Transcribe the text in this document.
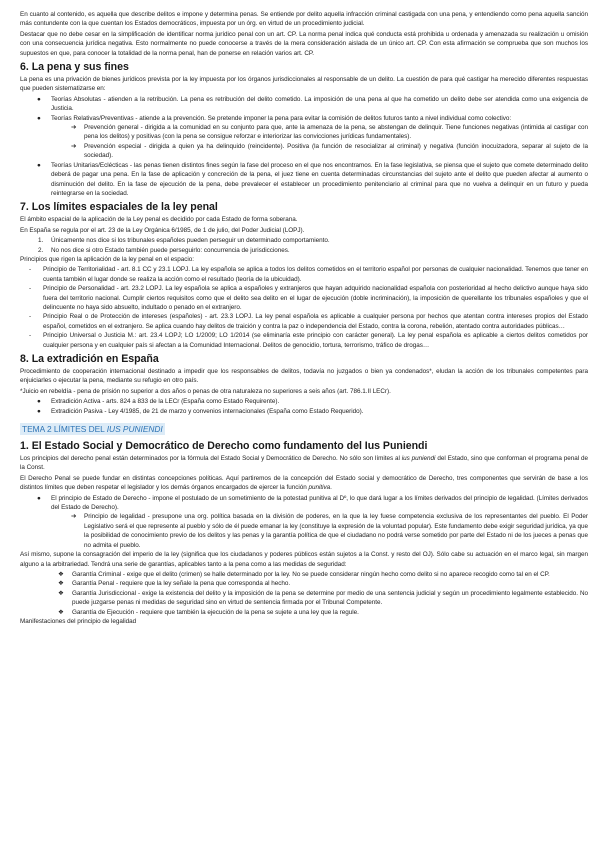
En cuanto al contenido, es aquella que describe delitos e impone y determina penas. Se entiende por delito aquella infracción criminal castigada con una pena, y entendiendo como pena aquella sanción más contundente con la que cuentan los Estados democráticos, impuesta por un órg. en virtud de un procedimiento judicial.

Destacar que no debe cesar en la simplificación de identificar norma jurídico penal con un art. CP. La norma penal indica qué conducta está prohibida u ordenada y amenazada su realización u omisión con una consecuencia jurídica negativa. Esto normalmente no puede conocerse a través de la mera consideración aislada de un único art. CP. Con esta afirmación se comprueba que son muchos los supuestos en que, para conocer la totalidad de la norma penal, han de ponerse en relación varios art. CP.

6. La pena y sus fines

La pena es una privación de bienes jurídicos prevista por la ley impuesta por los órganos jurisdiccionales al responsable de un delito. La cuestión de para qué castigar ha merecido diferentes respuestas que pueden sistematizarse en:

● Teorías Absolutas - atienden a la retribución. La pena es retribución del delito cometido. La imposición de una pena al que ha cometido un delito debe ser atendida como una exigencia de Justicia.
● Teorías Relativas/Preventivas - atiende a la prevención. Se pretende imponer la pena para evitar la comisión de delitos futuros tanto a nivel individual como colectivo:
➔ Prevención general - dirigida a la comunidad en su conjunto para que, ante la amenaza de la pena, se abstengan de delinquir. Tiene funciones negativas (intimida al castigar con pena los delitos) y positivas (con la pena se consigue reforzar e interiorizar las convicciones jurídicas fundamentales).
➔ Prevención especial - dirigida a quien ya ha delinquido (reincidente). Positiva (la función de resocializar al criminal) y negativa (función inocuizadora, separar al sujeto de la sociedad).
● Teorías Unitarias/Eclécticas - las penas tienen distintos fines según la fase del proceso en el que nos encontramos. En la fase legislativa, se piensa que el sujeto que comete determinado delito deberá de pagar una pena. En la fase de aplicación y concreción de la pena, el juez tiene en cuenta determinadas circunstancias del sujeto ante el delito que pueden afectar al aumento o disminución del delito. En la fase de ejecución de la pena, debe prevalecer el establecer un procedimiento penitenciario al criminal para que no vuelva a delinquir en un futuro y pueda reintegrarse en la sociedad.
7. Los límites espaciales de la ley penal

El ámbito espacial de la aplicación de la Ley penal es decidido por cada Estado de forma soberana.

En España se regula por el art. 23 de la Ley Orgánica 6/1985, de 1 de julio, del Poder Judicial (LOPJ).

1. Únicamente nos dice si los tribunales españoles pueden perseguir un determinado comportamiento.
2. No nos dice si otro Estado también puede perseguirlo: concurrencia de jurisdicciones.

Principios que rigen la aplicación de la ley penal en el espacio:

- Principio de Territorialidad - art. 8.1 CC y 23.1 LOPJ. La ley española se aplica a todos los delitos cometidos en el territorio español por personas de cualquier nacionalidad. Tenemos que tener en cuenta también el lugar donde se realiza la acción como el resultado (teoría de la ubicuidad).
- Principio de Personalidad - art. 23.2 LOPJ. La ley española se aplica a españoles y extranjeros que hayan adquirido nacionalidad española con posterioridad al hecho delictivo aunque haya sido fuera del territorio nacional. Cumplir ciertos requisitos como que el delito sea delito en el lugar de ejecución (doble incriminación), la imposición de querellante los tribunales españoles y que el delincuente no haya sido absuelto, indultado o penado en el extranjero.
- Principio Real o de Protección de intereses (españoles) - art. 23.3 LOPJ. La ley penal española es aplicable a cualquier persona por hechos que atentan contra intereses propios del Estado español, cometidos en el extranjero. Se aplica cuando hay delitos de traición y contra la paz o independencia del Estado, contra la corona, rebelión, atentado contra autoridades públicas…
- Principio Universal o Justicia M.: art. 23.4 LOPJ; LO 1/2009; LO 1/2014 (se eliminaría este principio con carácter general). La ley penal española es aplicable a ciertos delitos cometidos por cualquier persona y en cualquier país si afectan a la Comunidad Internacional. Delitos de genocidio, tortura, terrorismo, tráfico de drogas…
8. La extradición en España

Procedimiento de cooperación internacional destinado a impedir que los responsables de delitos, todavía no juzgados o bien ya condenados*, eludan la acción de los tribunales competentes para enjuiciarles o ejecutar la pena, mediante su refugio en otro país.

*Juicio en rebeldía - pena de prisión no superior a dos años o penas de otra naturaleza no superiores a seis años (art. 786.1.II LECr).

● Extradición Activa - arts. 824 a 833 de la LECr (España como Estado Requirente).
● Extradición Pasiva - Ley 4/1985, de 21 de marzo y convenios internacionales (España como Estado Requerido).
TEMA 2 LÍMITES DEL IUS PUNIENDI
1. El Estado Social y Democrático de Derecho como fundamento del Ius Puniendi

Los principios del derecho penal están determinados por la fórmula del Estado Social y Democrático de Derecho. No sólo son límites al ius puniendi del Estado, sino que conforman el programa penal de la Const.

El Derecho Penal se puede fundar en distintas concepciones políticas. Aquí partiremos de la concepción del Estado social y democrático de Derecho, tres componentes que servirán de base a los distintos límites que deben respetar el legislador y los demás órganos encargados de ejercer la función punitiva.

● El principio de Estado de Derecho - impone el postulado de un sometimiento de la potestad punitiva al Dº, lo que dará lugar a los límites derivados del principio de legalidad. (Límites derivados del Estado de Derecho).
➔ Principio de legalidad - presupone una org. política basada en la división de poderes, en la que la ley fuese competencia exclusiva de los representantes del pueblo. El Poder Legislativo será el que represente al pueblo y sólo de él puede emanar la ley (constituye la expresión de la voluntad popular). Este fundamento debe exigir seguridad jurídica, ya que la posibilidad de conocimiento previo de los delitos y las penas y la garantía política de que el ciudadano no podrá verse sometido por parte del Estado ni de los jueces a penas que no admita el pueblo.

Así mismo, supone la consagración del imperio de la ley (significa que los ciudadanos y poderes públicos están sujetos a la Const. y resto del OJ). Sólo cabe su actuación en el marco legal, sin margen alguno a la arbitrariedad. Tendrá una serie de garantías, aplicables tanto a la pena como a las medidas de seguridad:

❖ Garantía Criminal - exige que el delito (crimen) se halle determinado por la ley. No se puede considerar ningún hecho como delito si no aparece recogido como tal en el CP.
❖ Garantía Penal - requiere que la ley señale la pena que corresponda al hecho.
❖ Garantía Jurisdiccional - exige la existencia del delito y la imposición de la pena se determine por medio de una sentencia judicial y según un procedimiento legalmente establecido. No puede juzgarse penas ni medidas de seguridad sino en virtud de sentencia firmada por el Tribunal Competente.
❖ Garantía de Ejecución - requiere que también la ejecución de la pena se sujete a una ley que la regule.

Manifestaciones del principio de legalidad
